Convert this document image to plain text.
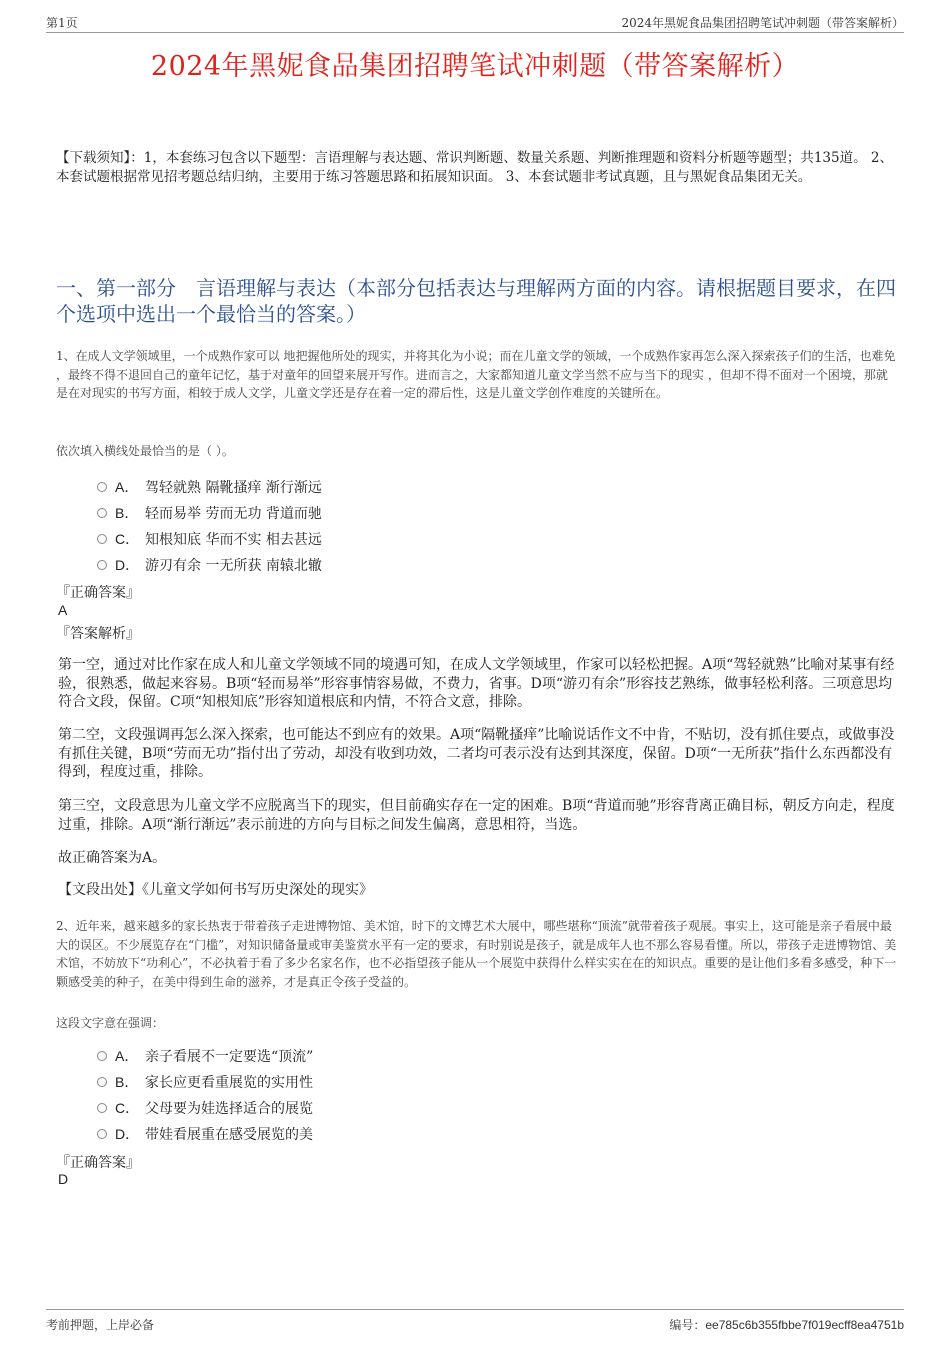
第1页	2024年黑妮食品集团招聘笔试冲刺题（带答案解析）
2024年黑妮食品集团招聘笔试冲刺题（带答案解析）
【下载须知】：1，本套练习包含以下题型：言语理解与表达题、常识判断题、数量关系题、判断推理题和资料分析题等题型；共135道。 2、本套试题根据常见招考题总结归纳，主要用于练习答题思路和拓展知识面。 3、本套试题非考试真题，且与黑妮食品集团无关。
一、第一部分　言语理解与表达（本部分包括表达与理解两方面的内容。请根据题目要求，在四个选项中选出一个最恰当的答案。）
1、在成人文学领域里，一个成熟作家可以 地把握他所处的现实，并将其化为小说；而在儿童文学的领域，一个成熟作家再怎么深入探索孩子们的生活，也难免 ，最终不得不退回自己的童年记忆，基于对童年的回望来展开写作。进而言之，大家都知道儿童文学当然不应与当下的现实 ，但却不得不面对一个困境，那就是在对现实的书写方面，相较于成人文学，儿童文学还是存在着一定的滞后性，这是儿童文学创作难度的关键所在。
依次填入横线处最恰当的是（ ）。
A． 驾轻就熟 隔靴搔痒 渐行渐远
B． 轻而易举 劳而无功 背道而驰
C． 知根知底 华而不实 相去甚远
D． 游刃有余 一无所获 南辕北辙
『正确答案』
A
『答案解析』
第一空，通过对比作家在成人和儿童文学领域不同的境遇可知，在成人文学领域里，作家可以轻松把握。A项“驾轻就熟”比喻对某事有经验，很熟悉，做起来容易。B项“轻而易举”形容事情容易做，不费力，省事。D项“游刃有余”形容技艺熟练，做事轻松利落。三项意思均符合文段，保留。C项“知根知底”形容知道根底和内情，不符合文意，排除。
第二空，文段强调再怎么深入探索，也可能达不到应有的效果。A项“隔靴搔痒”比喻说话作文不中肯，不贴切，没有抓住要点，或做事没有抓住关键，B项“劳而无功”指付出了劳动，却没有收到功效，二者均可表示没有达到其深度，保留。D项“一无所获”指什么东西都没有得到，程度过重，排除。
第三空，文段意思为儿童文学不应脱离当下的现实，但目前确实存在一定的困难。B项“背道而驰”形容背离正确目标，朝反方向走，程度过重，排除。A项“渐行渐远”表示前进的方向与目标之间发生偏离，意思相符，当选。
故正确答案为A。
【文段出处】《儿童文学如何书写历史深处的现实》
2、近年来，越来越多的家长热衷于带着孩子走进博物馆、美术馆，时下的文博艺术大展中，哪些堪称“顶流”就带着孩子观展。事实上，这可能是亲子看展中最大的误区。不少展览存在“门槛”，对知识储备量或审美鉴赏水平有一定的要求，有时别说是孩子，就是成年人也不那么容易看懂。所以，带孩子走进博物馆、美术馆，不妨放下“功利心”，不必执着于看了多少名家名作，也不必指望孩子能从一个展览中获得什么样实实在在的知识点。重要的是让他们多看多感受，种下一颗感受美的种子，在美中得到生命的滋养，才是真正令孩子受益的。
这段文字意在强调：
A． 亲子看展不一定要选“顶流”
B． 家长应更看重展览的实用性
C． 父母要为娃选择适合的展览
D． 带娃看展重在感受展览的美
『正确答案』
D
考前押题，上岸必备	编号：ee785c6b355fbbe7f019ecff8ea4751b
